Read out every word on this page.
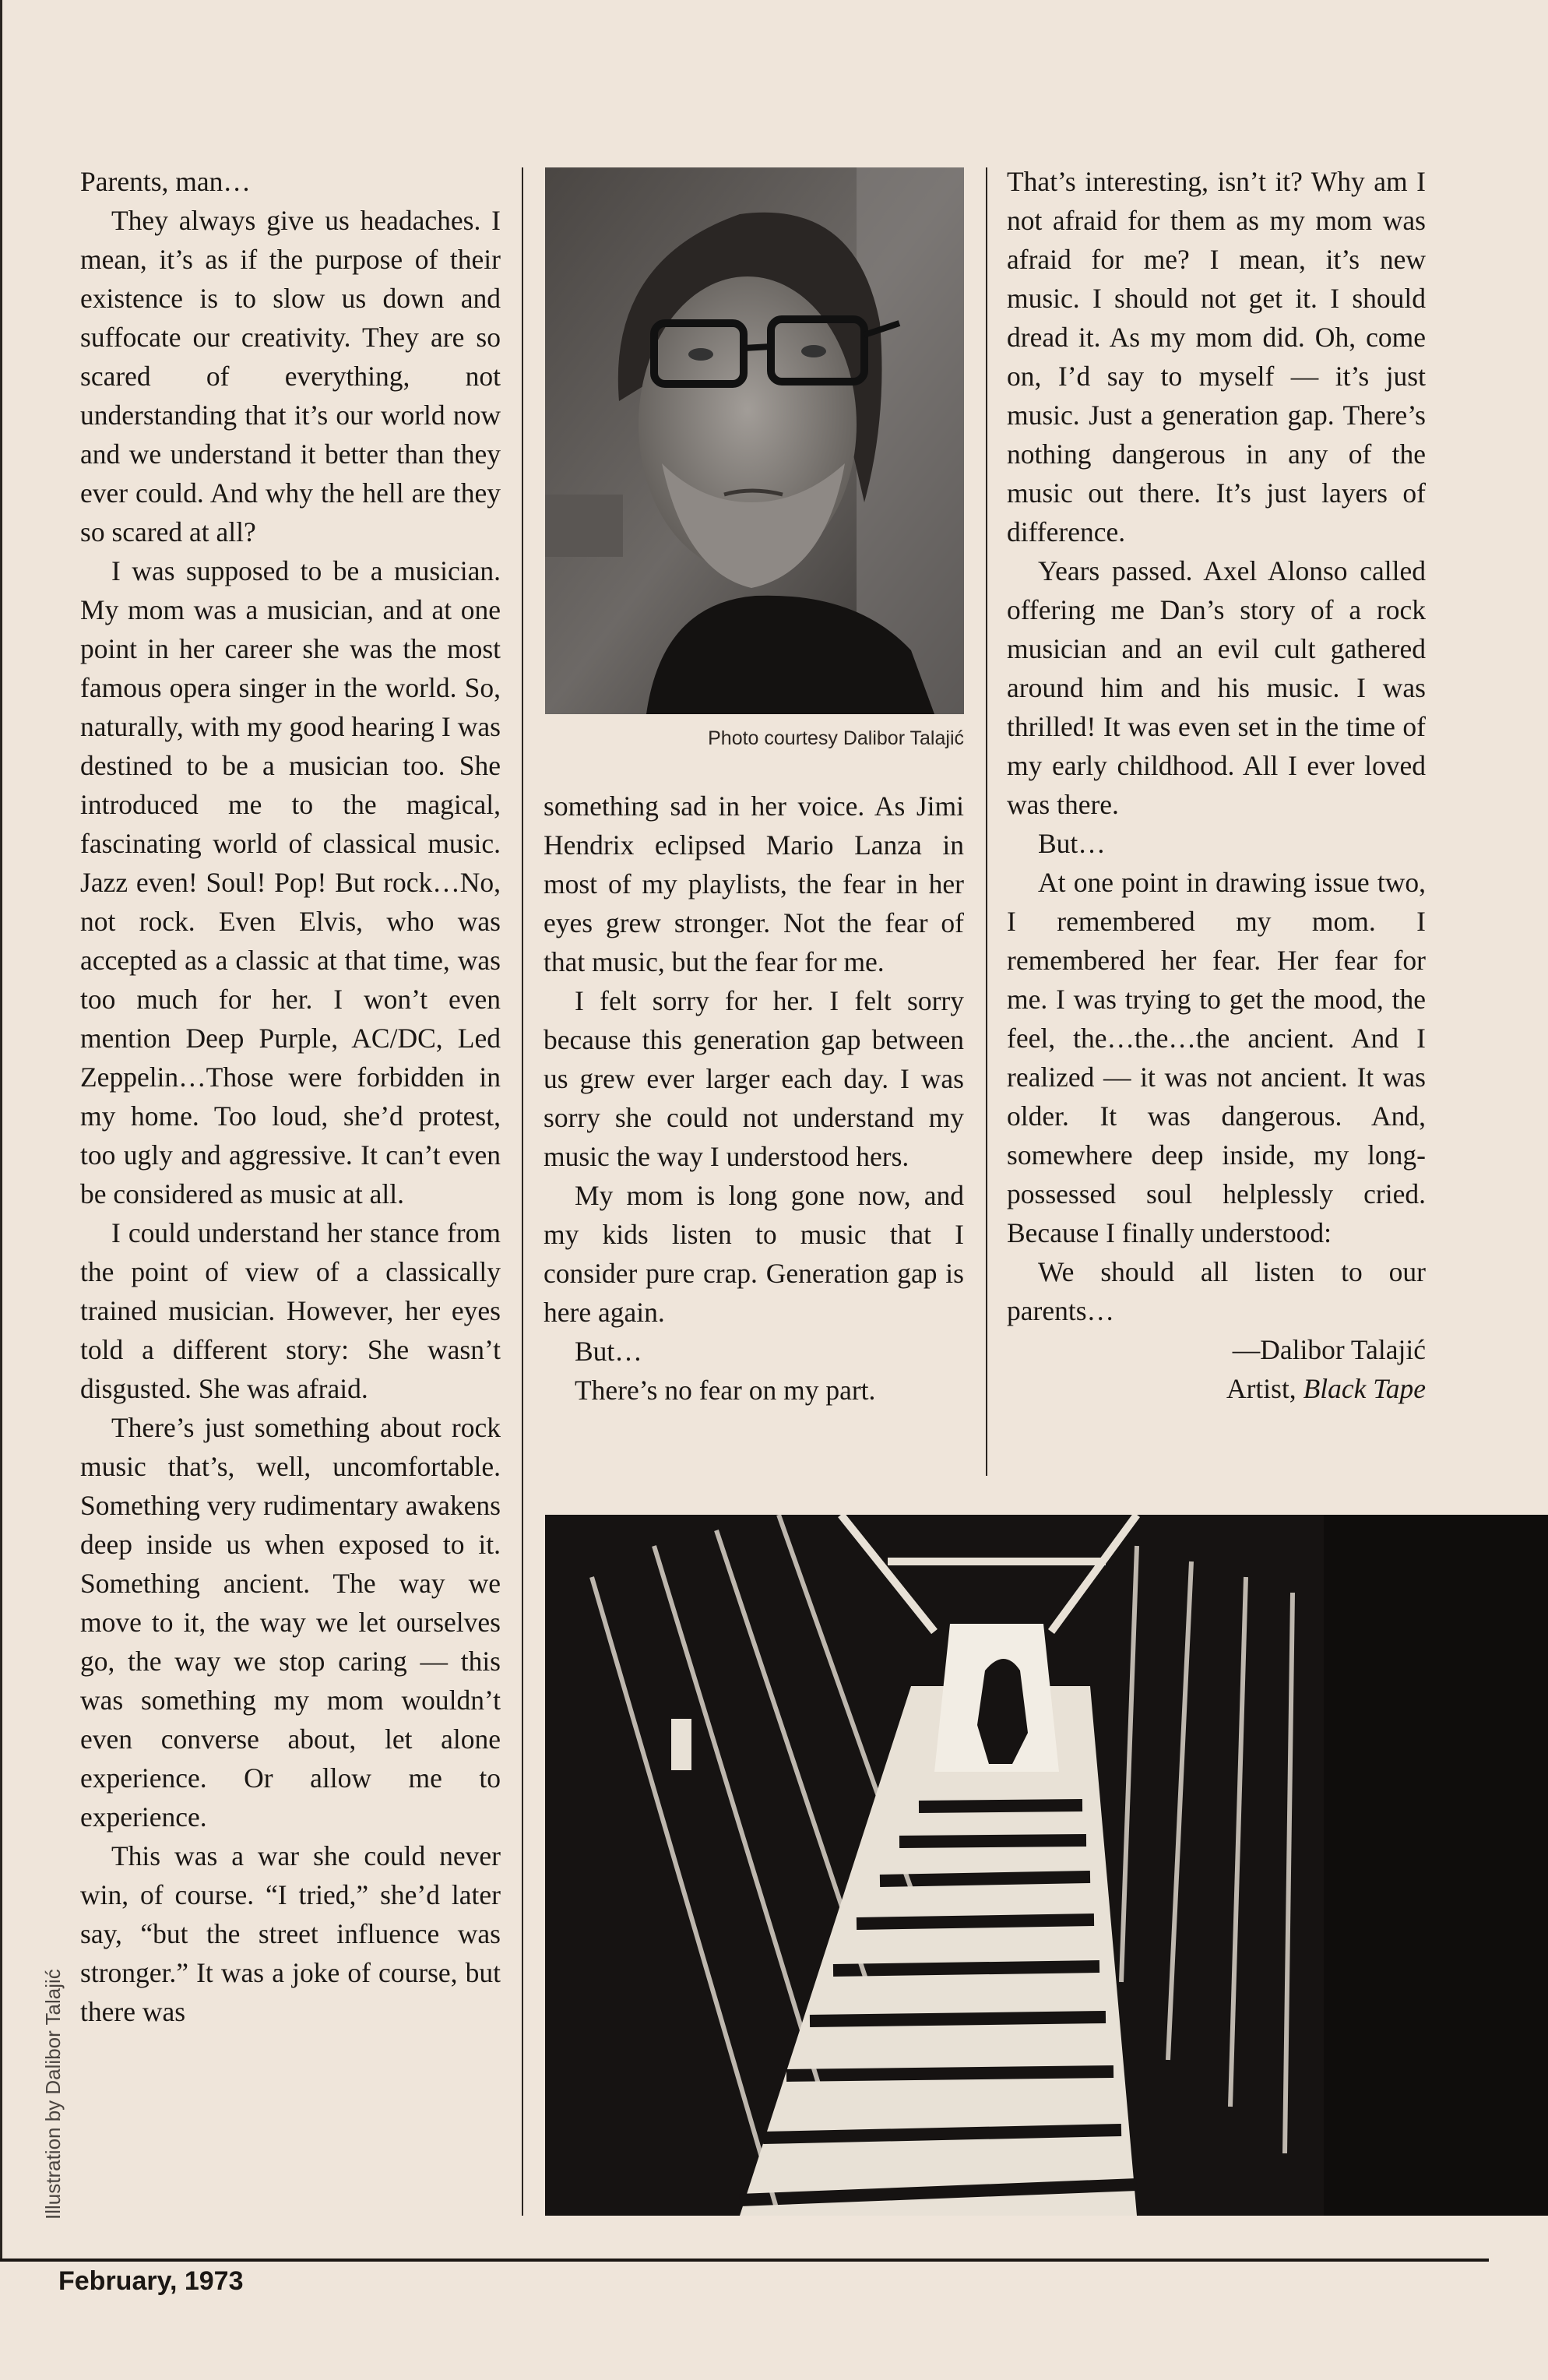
Parents, man…

They always give us headaches. I mean, it’s as if the purpose of their existence is to slow us down and suffocate our creativity. They are so scared of everything, not understanding that it’s our world now and we understand it better than they ever could. And why the hell are they so scared at all?

I was supposed to be a musician. My mom was a musician, and at one point in her career she was the most famous opera singer in the world. So, naturally, with my good hearing I was destined to be a musician too. She introduced me to the magical, fascinating world of classical music. Jazz even! Soul! Pop! But rock…No, not rock. Even Elvis, who was accepted as a classic at that time, was too much for her. I won’t even mention Deep Purple, AC/DC, Led Zeppelin…Those were forbidden in my home. Too loud, she’d protest, too ugly and aggressive. It can’t even be considered as music at all.

I could understand her stance from the point of view of a classically trained musician. However, her eyes told a different story: She wasn’t disgusted. She was afraid.

There’s just something about rock music that’s, well, uncomfortable. Something very rudimentary awakens deep inside us when exposed to it. Something ancient. The way we move to it, the way we let ourselves go, the way we stop caring — this was something my mom wouldn’t even converse about, let alone experience. Or allow me to experience.

This was a war she could never win, of course. “I tried,” she’d later say, “but the street influence was stronger.” It was a joke of course, but there was

Photo courtesy Dalibor Talajić

something sad in her voice. As Jimi Hendrix eclipsed Mario Lanza in most of my playlists, the fear in her eyes grew stronger. Not the fear of that music, but the fear for me.

I felt sorry for her. I felt sorry because this generation gap between us grew ever larger each day. I was sorry she could not understand my music the way I understood hers.

My mom is long gone now, and my kids listen to music that I consider pure crap. Generation gap is here again.

But…

There’s no fear on my part.

That’s interesting, isn’t it? Why am I not afraid for them as my mom was afraid for me? I mean, it’s new music. I should not get it. I should dread it. As my mom did. Oh, come on, I’d say to myself — it’s just music. Just a generation gap. There’s nothing dangerous in any of the music out there. It’s just layers of difference.

Years passed. Axel Alonso called offering me Dan’s story of a rock musician and an evil cult gathered around him and his music. I was thrilled! It was even set in the time of my early childhood. All I ever loved was there.

But…

At one point in drawing issue two, I remembered my mom. I remembered her fear. Her fear for me. I was trying to get the mood, the feel, the…the…the ancient. And I realized — it was not ancient. It was older. It was dangerous. And, somewhere deep inside, my long-possessed soul helplessly cried. Because I finally understood:

We should all listen to our parents…

—Dalibor Talajić

Artist, Black Tape

Illustration by Dalibor Talajić
February, 1973
